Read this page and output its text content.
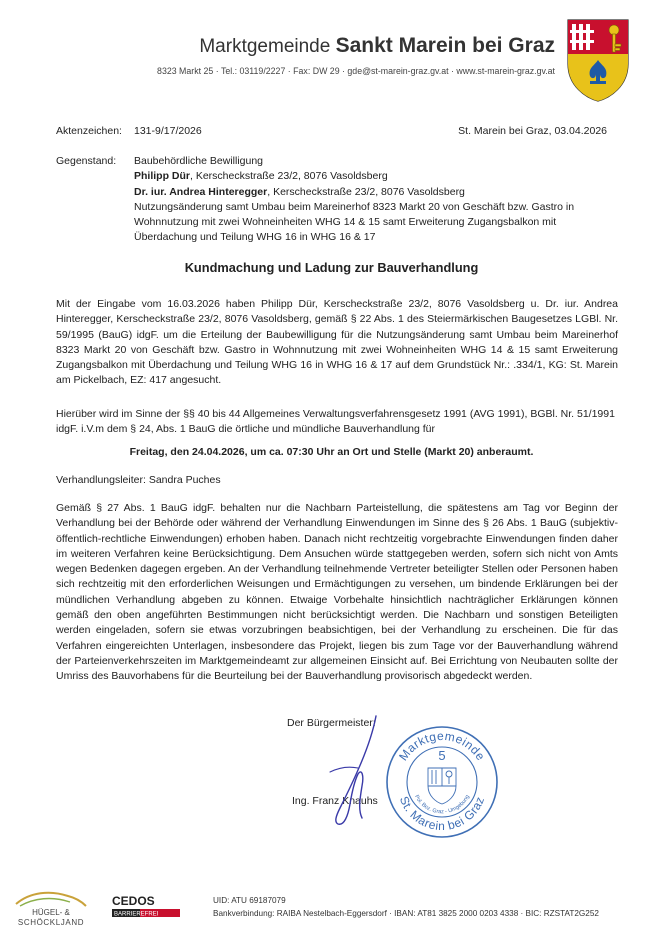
Marktgemeinde Sankt Marein bei Graz
8323 Markt 25 · Tel.: 03119/2227 · Fax: DW 29 · gde@st-marein-graz.gv.at · www.st-marein-graz.gv.at
Aktenzeichen: 131-9/17/2026	St. Marein bei Graz, 03.04.2026
Gegenstand: Baubehördliche Bewilligung
Philipp Dür, Kerscheckstraße 23/2, 8076 Vasoldsberg
Dr. iur. Andrea Hinteregger, Kerscheckstraße 23/2, 8076 Vasoldsberg
Nutzungsänderung samt Umbau beim Mareinerhof 8323 Markt 20 von Geschäft bzw. Gastro in Wohnnutzung mit zwei Wohneinheiten WHG 14 & 15 samt Erweiterung Zugangsbalkon mit Überdachung und Teilung WHG 16 in WHG 16 & 17
Kundmachung und Ladung zur Bauverhandlung
Mit der Eingabe vom 16.03.2026 haben Philipp Dür, Kerscheckstraße 23/2, 8076 Vasoldsberg u. Dr. iur. Andrea Hinteregger, Kerscheckstraße 23/2, 8076 Vasoldsberg, gemäß § 22 Abs. 1 des Steiermärkischen Baugesetzes LGBl. Nr. 59/1995 (BauG) idgF. um die Erteilung der Baubewilligung für die Nutzungsänderung samt Umbau beim Mareinerhof 8323 Markt 20 von Geschäft bzw. Gastro in Wohnnutzung mit zwei Wohneinheiten WHG 14 & 15 samt Erweiterung Zugangsbalkon mit Überdachung und Teilung WHG 16 in WHG 16 & 17 auf dem Grundstück Nr.: .334/1, KG: St. Marein am Pickelbach, EZ: 417 angesucht.
Hierüber wird im Sinne der §§ 40 bis 44 Allgemeines Verwaltungsverfahrensgesetz 1991 (AVG 1991), BGBl. Nr. 51/1991 idgF. i.V.m dem § 24, Abs. 1 BauG die örtliche und mündliche Bauverhandlung für
Freitag, den 24.04.2026, um ca. 07:30 Uhr an Ort und Stelle (Markt 20) anberaumt.
Verhandlungsleiter: Sandra Puches
Gemäß § 27 Abs. 1 BauG idgF. behalten nur die Nachbarn Parteistellung, die spätestens am Tag vor Beginn der Verhandlung bei der Behörde oder während der Verhandlung Einwendungen im Sinne des § 26 Abs. 1 BauG (subjektiv-öffentlich-rechtliche Einwendungen) erhoben haben. Danach nicht rechtzeitig vorgebrachte Einwendungen finden daher im weiteren Verfahren keine Berücksichtigung. Dem Ansuchen würde stattgegeben werden, sofern sich nicht von Amts wegen Bedenken dagegen ergeben. An der Verhandlung teilnehmende Vertreter beteiligter Stellen oder Personen haben sich rechtzeitig mit den erforderlichen Weisungen und Ermächtigungen zu versehen, um bindende Erklärungen bei der mündlichen Verhandlung abgeben zu können. Etwaige Vorbehalte hinsichtlich nachträglicher Erklärungen können gemäß den oben angeführten Bestimmungen nicht berücksichtigt werden. Die Nachbarn und sonstigen Beteiligten werden eingeladen, sofern sie etwas vorzubringen beabsichtigen, bei der Verhandlung zu erscheinen. Die für das Verfahren eingereichten Unterlagen, insbesondere das Projekt, liegen bis zum Tage vor der Bauverhandlung während der Parteienverkehrszeiten im Marktgemeindeamt zur allgemeinen Einsicht auf. Bei Errichtung von Neubauten sollte der Umriss des Bauvorhabens für die Beurteilung bei der Bauverhandlung provisorisch abgedeckt werden.
Der Bürgermeister:
Ing. Franz Knauhs
Marktgemeinde
St. Marein bei Graz
Pol. Bez. Graz - Umgebung
5
HÜGEL- &
SCHÖCKLJAND
CEDOS
BARRIEREFREI
UID: ATU 69187079
Bankverbindung: RAIBA Nestelbach-Eggersdorf · IBAN: AT81 3825 2000 0203 4338 · BIC: RZSTAT2G252
